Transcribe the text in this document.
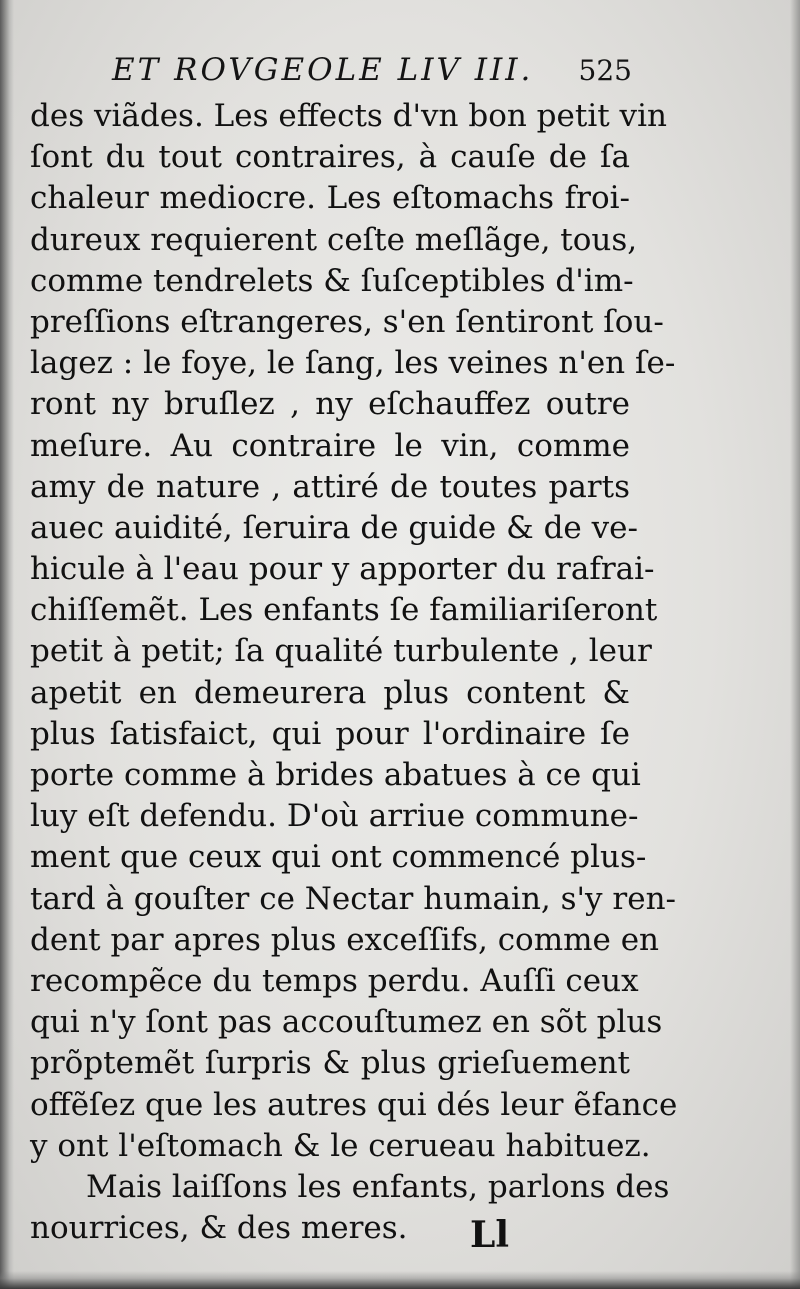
ET ROVGEOLE LIV III. 525
des viãdes. Les effects d'vn bon petit vin
ſont du tout contraires, à cauſe de ſa
chaleur mediocre. Les eſtomachs froi-
dureux requierent ceſte meſlãge, tous,
comme tendrelets & ſuſceptibles d'im-
preſſions eſtrangeres, s'en ſentiront ſou-
lagez : le foye, le ſang, les veines n'en ſe-
ront ny bruſlez , ny eſchauffez outre
meſure. Au contraire le vin, comme
amy de nature , attiré de toutes parts
auec auidité, ſeruira de guide & de ve-
hicule à l'eau pour y apporter du rafrai-
chiſſemẽt. Les enfants ſe familiariſeront
petit à petit; ſa qualité turbulente , leur
apetit en demeurera plus content &
plus ſatisfaict, qui pour l'ordinaire ſe
porte comme à brides abatues à ce qui
luy eſt defendu. D'où arriue commune-
ment que ceux qui ont commencé plus-
tard à gouſter ce Nectar humain, s'y ren-
dent par apres plus exceſſifs, comme en
recompẽce du temps perdu. Auſſi ceux
qui n'y ſont pas accouſtumez en sõt plus
prõptemẽt ſurpris & plus grieſuement
offẽſez que les autres qui dés leur ẽfance
y ont l'eſtomach & le cerueau habituez.
Mais laiſſons les enfants, parlons des
nourrices, & des meres.	Ll
